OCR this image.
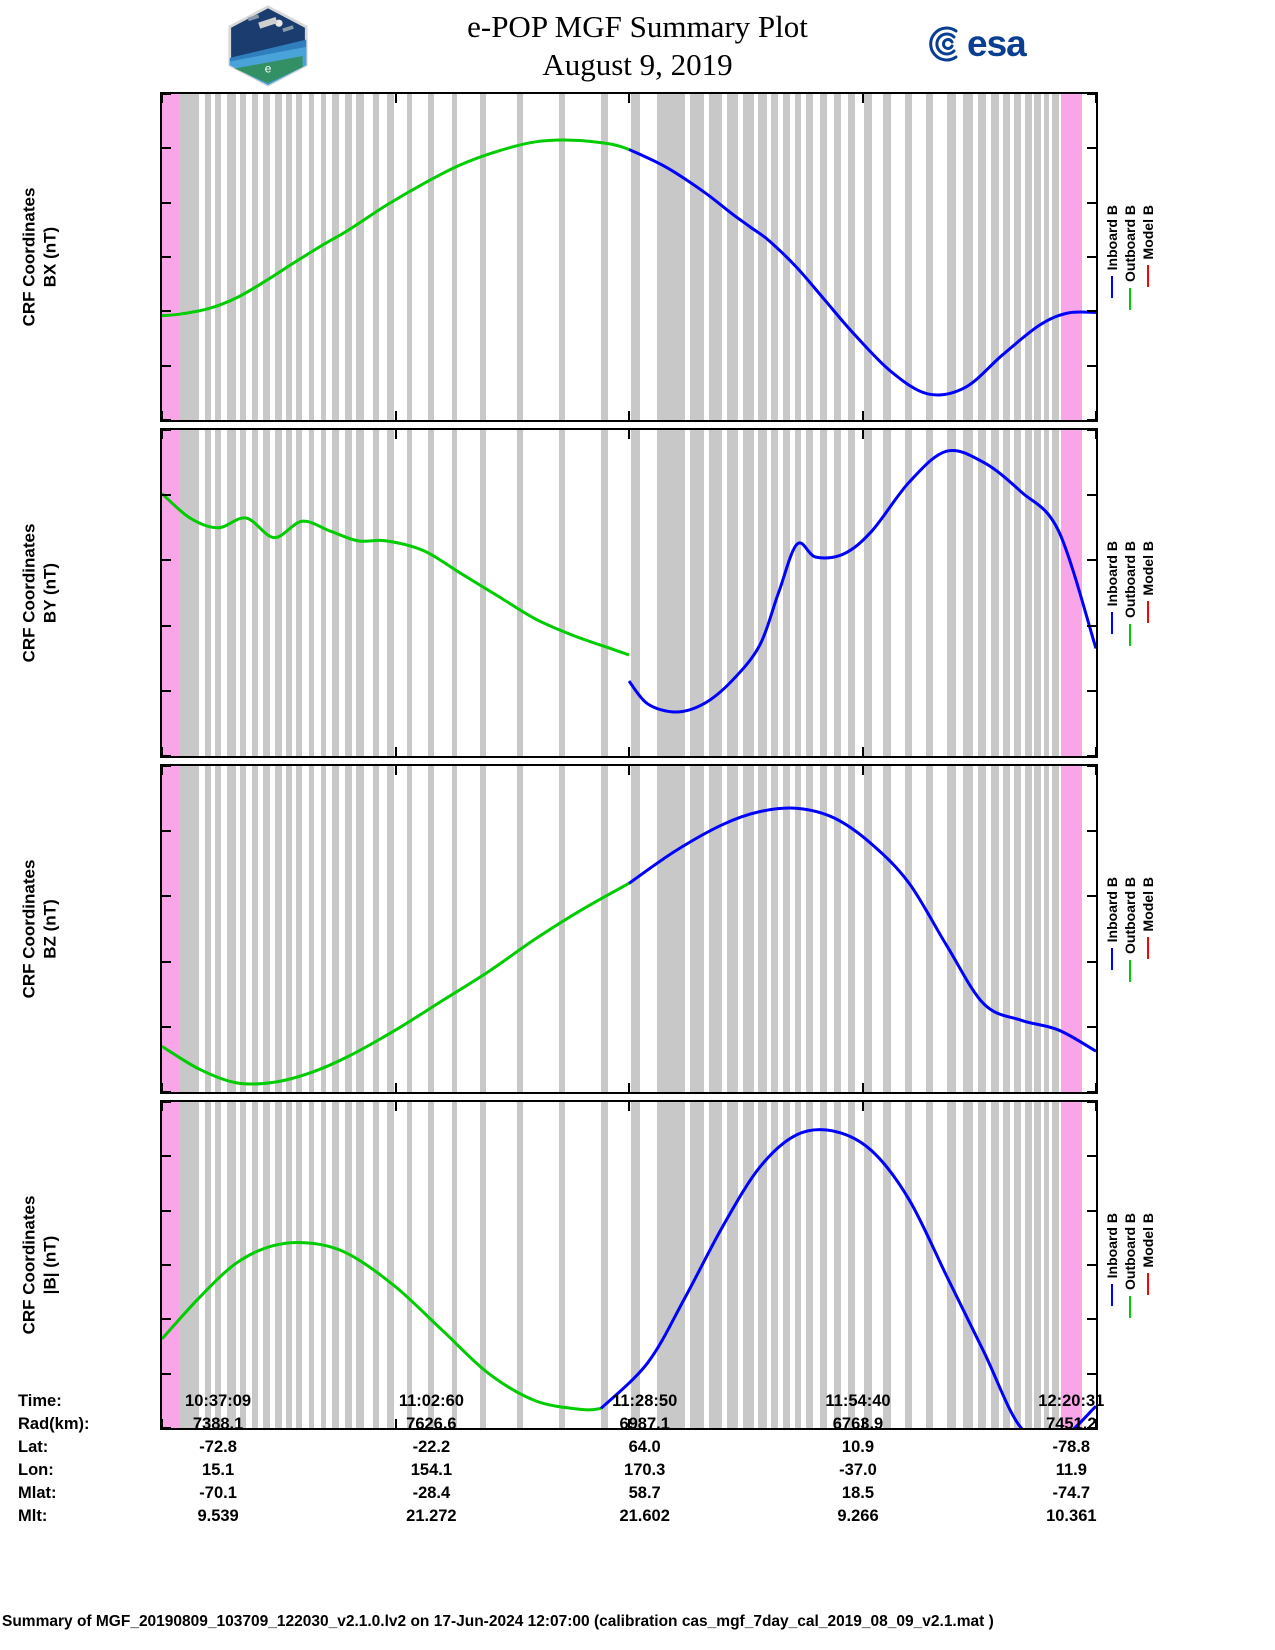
e
e-POP MGF Summary Plot
August 9, 2019
esa
CRF Coordinates BX (nT)	Inboard B Outboard B Model B
CRF Coordinates BY (nT)	Inboard B Outboard B Model B
CRF Coordinates BZ (nT)	Inboard B Outboard B Model B
CRF Coordinates |B| (nT)	Inboard B Outboard B Model B
Time:	10:37:09	11:02:60	11:28:50	11:54:40	12:20:31
Rad(km):	7388.1	7626.6	6987.1	6763.9	7451.2
Lat:	-72.8	-22.2	64.0	10.9	-78.8
Lon:	15.1	154.1	170.3	-37.0	11.9
Mlat:	-70.1	-28.4	58.7	18.5	-74.7
Mlt:	9.539	21.272	21.602	9.266	10.361
Summary of MGF_20190809_103709_122030_v2.1.0.lv2 on 17-Jun-2024 12:07:00 (calibration cas_mgf_7day_cal_2019_08_09_v2.1.mat )
